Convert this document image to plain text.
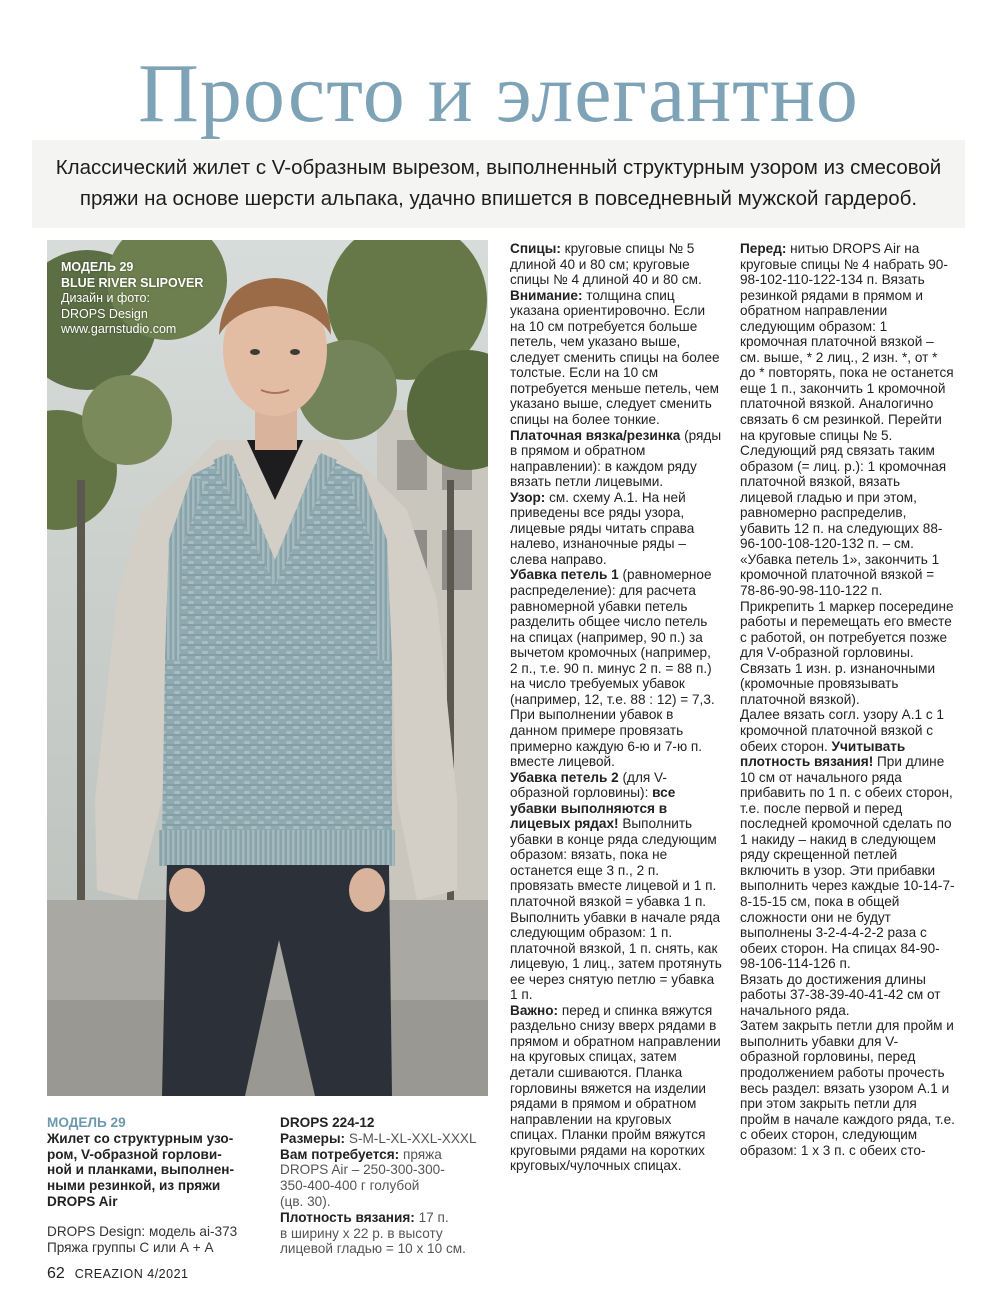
Просто и элегантно
Классический жилет с V-образным вырезом, выполненный структурным узором из смесовой
пряжи на основе шерсти альпака, удачно впишется в повседневный мужской гардероб.
МОДЕЛЬ 29
BLUE RIVER SLIPOVER
Дизайн и фото:
DROPS Design
www.garnstudio.com
Спицы: круговые спицы № 5 длиной 40 и 80 см; круговые спицы № 4 длиной 40 и 80 см.
Внимание: толщина спиц указана ориентировочно. Если на 10 см потребуется больше петель, чем указано выше, следует сменить спицы на более толстые. Если на 10 см потребуется меньше петель, чем указано выше, следует сменить спицы на более тонкие.
Платочная вязка/резинка (ряды в прямом и обратном направлении): в каждом ряду вязать петли лицевыми.
Узор: см. схему A.1. На ней приведены все ряды узора, лицевые ряды читать справа налево, изнаночные ряды – слева направо.
Убавка петель 1 (равномерное распределение): для расчета равномерной убавки петель разделить общее число петель на спицах (например, 90 п.) за вычетом кромочных (например, 2 п., т.е. 90 п. минус 2 п. = 88 п.) на число требуемых убавок (например, 12, т.е. 88 : 12) = 7,3. При выполнении убавок в данном примере провязать примерно каждую 6-ю и 7-ю п. вместе лицевой.
Убавка петель 2 (для V-образной горловины): все убавки выполняются в лицевых рядах! Выполнить убавки в конце ряда следующим образом: вязать, пока не останется еще 3 п., 2 п. провязать вместе лицевой и 1 п. платочной вязкой = убавка 1 п. Выполнить убавки в начале ряда следующим образом: 1 п. платочной вязкой, 1 п. снять, как лицевую, 1 лиц., затем протянуть ее через снятую петлю = убавка 1 п.
Важно: перед и спинка вяжутся раздельно снизу вверх рядами в прямом и обратном направлении на круговых спицах, затем детали сшиваются. Планка горловины вяжется на изделии рядами в прямом и обратном направлении на круговых спицах. Планки пройм вяжутся круговыми рядами на коротких круговых/чулочных спицах.
Перед: нитью DROPS Air на круговые спицы № 4 набрать 90-98-102-110-122-134 п. Вязать резинкой рядами в прямом и обратном направлении следующим образом: 1 кромочная платочной вязкой – см. выше, * 2 лиц., 2 изн. *, от * до * повторять, пока не останется еще 1 п., закончить 1 кромочной платочной вязкой. Аналогично связать 6 см резинкой. Перейти на круговые спицы № 5. Следующий ряд связать таким образом (= лиц. р.): 1 кромочная платочной вязкой, вязать лицевой гладью и при этом, равномерно распределив, убавить 12 п. на следующих 88-96-100-108-120-132 п. – см. «Убавка петель 1», закончить 1 кромочной платочной вязкой = 78-86-90-98-110-122 п. Прикрепить 1 маркер посередине работы и перемещать его вместе с работой, он потребуется позже для V-образной горловины. Связать 1 изн. р. изнаночными (кромочные провязывать платочной вязкой).
Далее вязать согл. узору A.1 с 1 кромочной платочной вязкой с обеих сторон. Учитывать плотность вязания! При длине 10 см от начального ряда прибавить по 1 п. с обеих сторон, т.е. после первой и перед последней кромочной сделать по 1 накиду – накид в следующем ряду скрещенной петлей включить в узор. Эти прибавки выполнить через каждые 10-14-7-8-15-15 см, пока в общей сложности они не будут выполнены 3-2-4-4-2-2 раза с обеих сторон. На спицах 84-90-98-106-114-126 п.
Вязать до достижения длины работы 37-38-39-40-41-42 см от начального ряда.
Затем закрыть петли для пройм и выполнить убавки для V-образной горловины, перед продолжением работы прочесть весь раздел: вязать узором A.1 и при этом закрыть петли для пройм в начале каждого ряда, т.е. с обеих сторон, следующим образом: 1 х 3 п. с обеих сто-
МОДЕЛЬ 29
Жилет со структурным узо-
ром, V-образной горлови-
ной и планками, выполнен-
ными резинкой, из пряжи
DROPS Air
DROPS Design: модель ai-373
Пряжа группы С или А + А
DROPS 224-12
Размеры: S-M-L-XL-XXL-XXXL
Вам потребуется: пряжа
DROPS Air – 250-300-300-
350-400-400 г голубой
(цв. 30).
Плотность вязания: 17 п.
в ширину х 22 р. в высоту
лицевой гладью = 10 х 10 см.
62 CREAZION 4/2021
